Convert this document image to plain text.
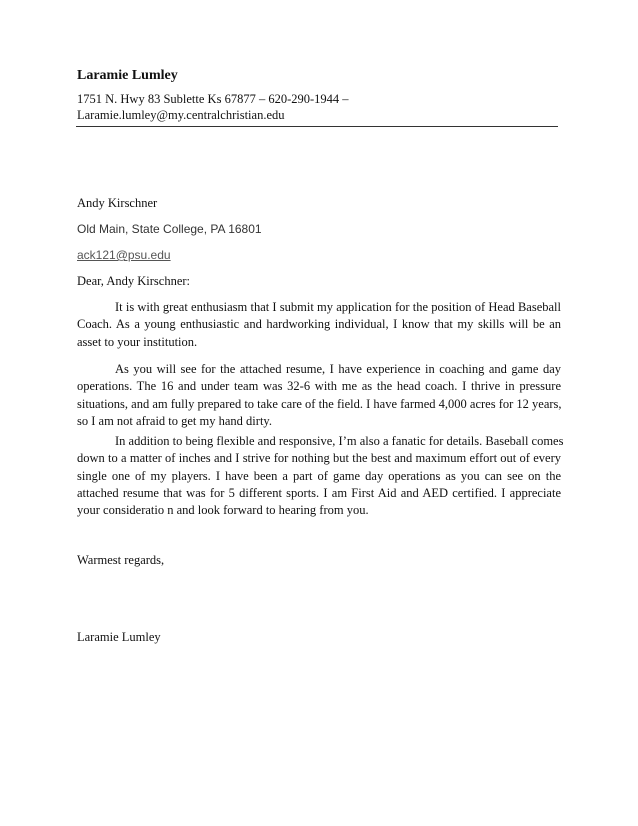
Laramie Lumley
1751 N. Hwy 83 Sublette Ks 67877 – 620-290-1944 –
Laramie.lumley@my.centralchristian.edu
Andy Kirschner
Old Main, State College, PA 16801
ack121@psu.edu
Dear, Andy Kirschner:
It is with great enthusiasm that I submit my application for the position of Head Baseball
Coach. As a young enthusiastic and hardworking individual, I know that my skills will be an
asset to your institution.
As you will see for the attached resume, I have experience in coaching and game day
operations. The 16 and under team was 32-6 with me as the head coach. I thrive in pressure
situations, and am fully prepared to take care of the field. I have farmed 4,000 acres for 12 years,
so I am not afraid to get my hand dirty.
In addition to being flexible and responsive, I’m also a fanatic for details. Baseball comes
down to a matter of inches and I strive for nothing but the best and maximum effort out of every
single one of my players. I have been a part of game day operations as you can see on the
attached resume that was for 5 different sports. I am First Aid and AED certified. I appreciate
your consideratio n and look forward to hearing from you.
Warmest regards,
Laramie Lumley
